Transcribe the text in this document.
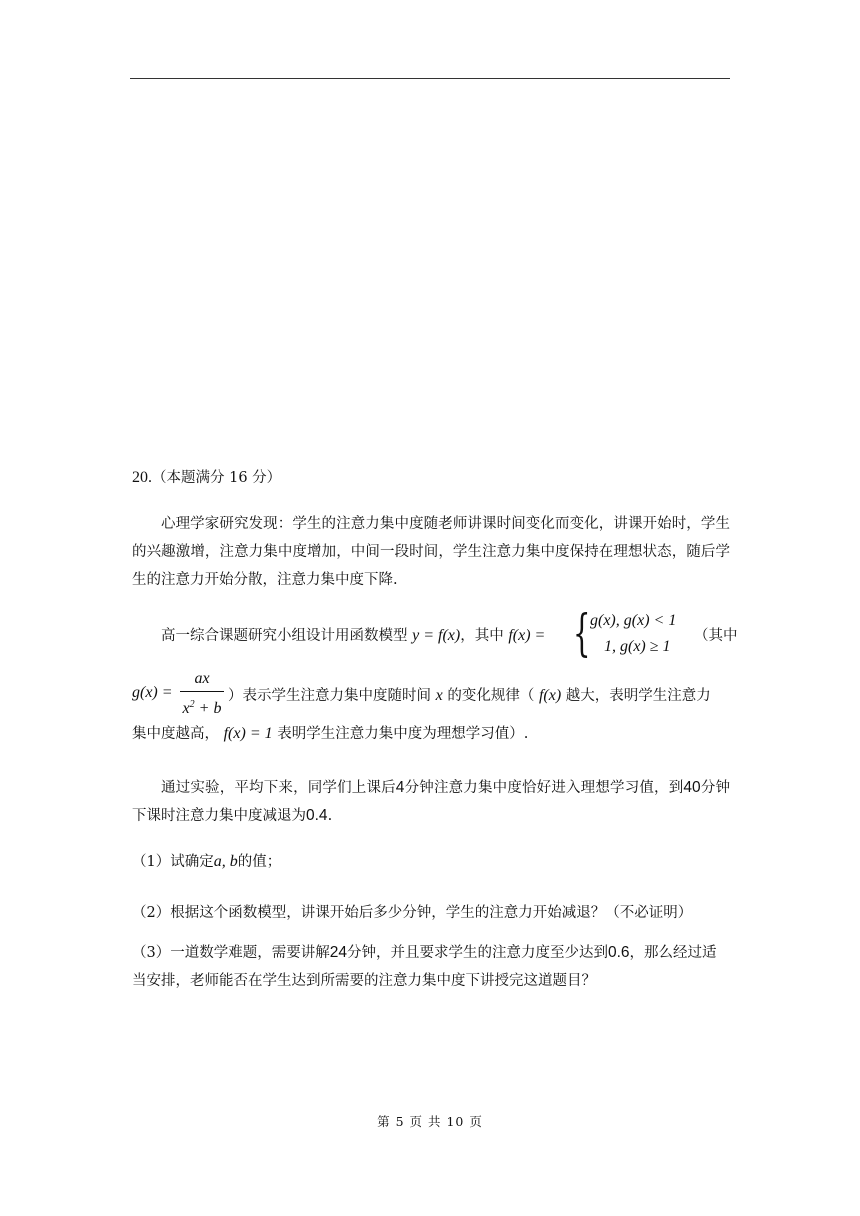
20.（本题满分 16 分）
心理学家研究发现：学生的注意力集中度随老师讲课时间变化而变化，讲课开始时，学生的兴趣激增，注意力集中度增加，中间一段时间，学生注意力集中度保持在理想状态，随后学生的注意力开始分散，注意力集中度下降.
高一综合课题研究小组设计用函数模型 y = f(x)，其中 f(x) = { g(x), g(x) < 1
1, g(x) ≥ 1
（其中
g(x) =
ax
$x^2 + b$
）表示学生注意力集中度随时间 x 的变化规律（ f(x) 越大，表明学生注意力
集中度越高， f(x) = 1 表明学生注意力集中度为理想学习值）.
通过实验，平均下来，同学们上课后4分钟注意力集中度恰好进入理想学习值，到40分钟下课时注意力集中度减退为0.4.
（1）试确定a, b的值；
（2）根据这个函数模型，讲课开始后多少分钟，学生的注意力开始减退？（不必证明）
（3）一道数学难题，需要讲解24分钟，并且要求学生的注意力度至少达到0.6，那么经过适当安排，老师能否在学生达到所需要的注意力集中度下讲授完这道题目？
第 5 页 共 10 页
